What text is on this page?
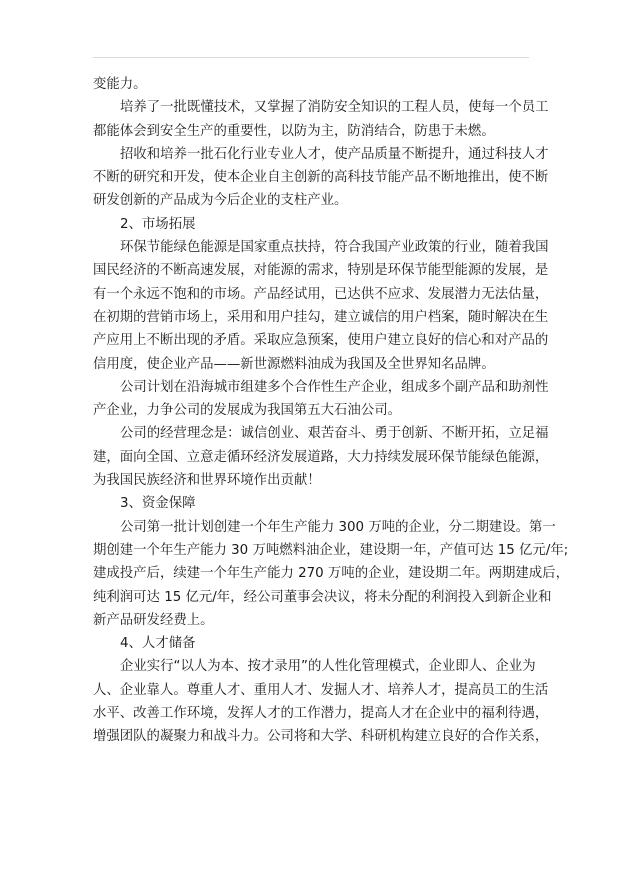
变能力。
培养了一批既懂技术，又掌握了消防安全知识的工程人员，使每一个员工
都能体会到安全生产的重要性，以防为主，防消结合，防患于未燃。
招收和培养一批石化行业专业人才，使产品质量不断提升，通过科技人才
不断的研究和开发，使本企业自主创新的高科技节能产品不断地推出，使不断
研发创新的产品成为今后企业的支柱产业。
2、市场拓展
环保节能绿色能源是国家重点扶持，符合我国产业政策的行业，随着我国
国民经济的不断高速发展，对能源的需求，特别是环保节能型能源的发展，是
有一个永远不饱和的市场。产品经试用，已达供不应求、发展潜力无法估量，
在初期的营销市场上，采用和用户挂勾，建立诚信的用户档案，随时解决在生
产应用上不断出现的矛盾。采取应急预案，使用户建立良好的信心和对产品的
信用度，使企业产品——新世源燃料油成为我国及全世界知名品牌。
公司计划在沿海城市组建多个合作性生产企业，组成多个副产品和助剂性
产企业，力争公司的发展成为我国第五大石油公司。
公司的经营理念是：诚信创业、艰苦奋斗、勇于创新、不断开拓，立足福
建，面向全国、立意走循环经济发展道路，大力持续发展环保节能绿色能源，
为我国民族经济和世界环境作出贡献！
3、资金保障
公司第一批计划创建一个年生产能力 300 万吨的企业，分二期建设。第一
期创建一个年生产能力 30 万吨燃料油企业，建设期一年，产值可达 15 亿元/年;
建成投产后，续建一个年生产能力 270 万吨的企业，建设期二年。两期建成后，
纯利润可达 15 亿元/年，经公司董事会决议，将未分配的利润投入到新企业和
新产品研发经费上。
4、人才储备
企业实行“以人为本、按才录用”的人性化管理模式，企业即人、企业为
人、企业靠人。尊重人才、重用人才、发掘人才、培养人才，提高员工的生活
水平、改善工作环境，发挥人才的工作潜力，提高人才在企业中的福利待遇，
增强团队的凝聚力和战斗力。公司将和大学、科研机构建立良好的合作关系，
